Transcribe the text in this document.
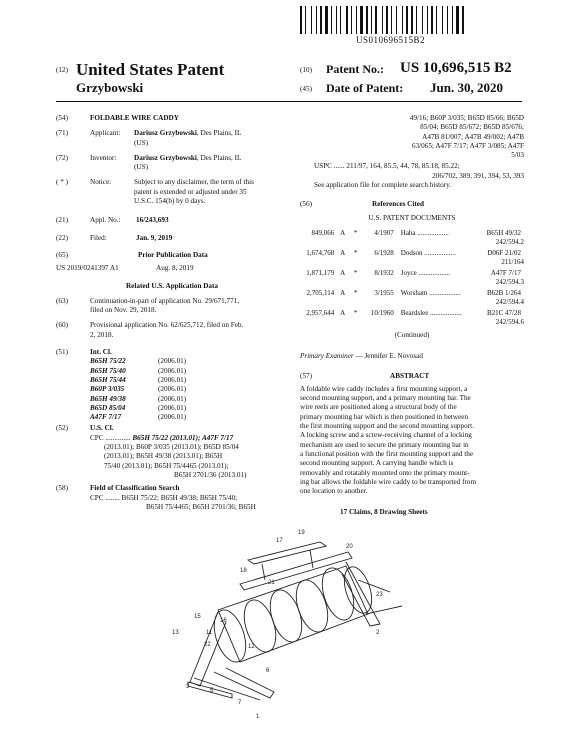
US010696515B2
(12) United States Patent
Grzybowski
(10) Patent No.: US 10,696,515 B2
(45) Date of Patent: Jun. 30, 2020
(54)	FOLDABLE WIRE CADDY
(71)	Applicant: Dariusz Grzybowski, Des Plains, IL
(US)
(72)	Inventor: Dariusz Grzybowski, Des Plains, IL
(US)
( * )	Notice:	Subject to any disclaimer, the term of this
patent is extended or adjusted under 35
U.S.C. 154(b) by 0 days.
(21)	Appl. No.: 16/243,693
(22)	Filed:	Jan. 9, 2019
(65)	Prior Publication Data
US 2019/0241397 A1	Aug. 8, 2019
Related U.S. Application Data
(63)	Continuation-in-part of application No. 29/671,771,
filed on Nov. 29, 2018.
(60)	Provisional application No. 62/625,712, filed on Feb.
2, 2018.
(51)	Int. Cl.
B65H 75/22	(2006.01)
B65H 75/40	(2006.01)
B65H 75/44	(2006.01)
B60P 3/035	(2006.01)
B65H 49/38	(2006.01)
B65D 85/04	(2006.01)
A47F 7/17	(2006.01)
(52)	U.S. Cl.
CPC .............. B65H 75/22 (2013.01); A47F 7/17
(2013.01); B60P 3/035 (2013.01); B65D 85/04
(2013.01); B65H 49/38 (2013.01); B65H
75/40 (2013.01); B65H 75/4465 (2013.01);
B65H 2701/36 (2013.01)
(58)	Field of Classification Search
CPC ........ B65H 75/22; B65H 49/38; B65H 75/40;
B65H 75/4465; B65H 2701/36; B65H
49/16; B60P 3/035; B65D 85/66; B65D
85/04; B65D 85/672; B65D 85/676;
A47B 81/007; A47B 49/002; A47B
63/065; A47F 7/17; A47F 3/085; A47F
5/03
USPC ...... 211/97, 164, 85.5, 44, 78, 85.18, 85.22;
206/702, 389, 391, 394, 53, 393
See application file for complete search history.
(56)	References Cited
U.S. PATENT DOCUMENTS
849,066 A	*	4/1907	Haha ..................	B65H 49/32
242/594.2
1,674,768 A	*	6/1928	Dodson ..................	D06F 21/02
211/164
1,871,179 A	*	8/1932	Joyce ..................	A47F 7/17
242/594.3
2,705,114 A	*	3/1955	Worsham ..................	B62B 1/264
242/594.4
2,957,644 A	*	10/1960	Beardslee ..................	B21C 47/28
242/594.6
(Continued)
Primary Examiner — Jennifer E. Novosad
(57)	ABSTRACT
A foldable wire caddy includes a first mounting support, a
second mounting support, and a primary mounting bar. The
wire reels are positioned along a structural body of the
primary mounting bar which is then positioned in between
the first mounting support and the second mounting support.
A locking screw and a screw-receiving channel of a locking
mechanism are used to secure the primary mounting bar in
a functional position with the first mounting support and the
second mounting support. A carrying handle which is
removably and rotatably mounted onto the primary mount-
ing bar allows the foldable wire caddy to be transported from
one location to another.
17 Claims, 8 Drawing Sheets
19
17
18
20
21
16
15
13
23
2
11
12
6
7
5
3
1
22
